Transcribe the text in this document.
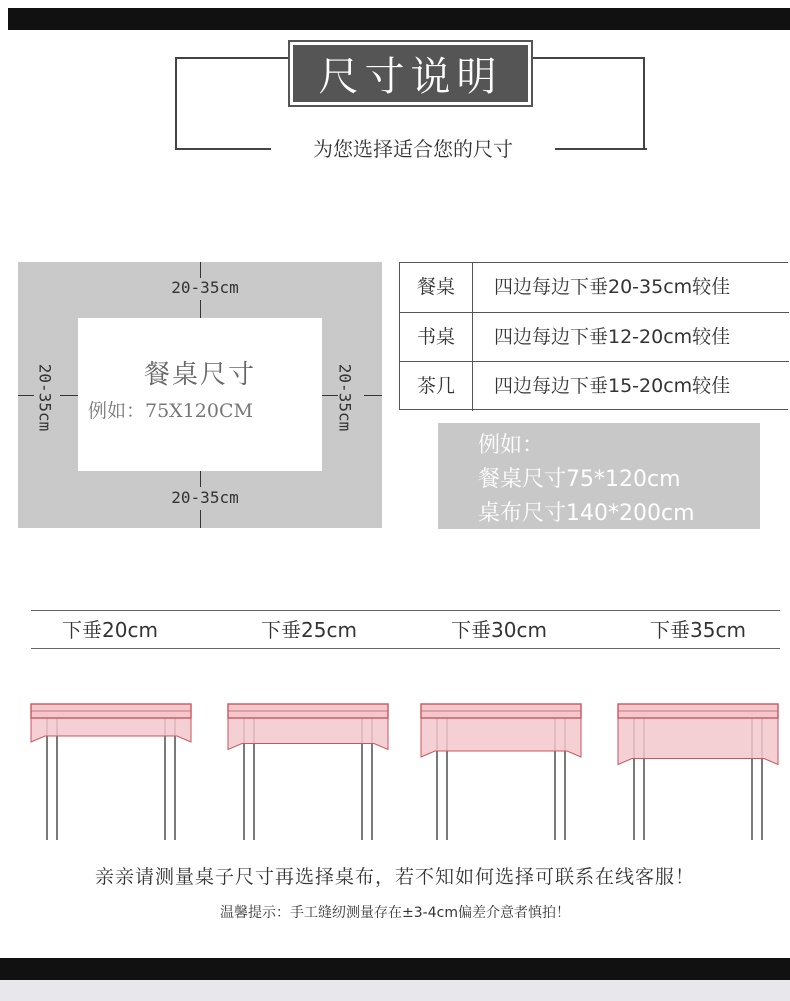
尺寸说明
为您选择适合您的尺寸
餐桌尺寸
例如：75X120CM
20-35cm
20-35cm
20-35cm	20-35cm
餐桌	四边每边下垂20-35cm较佳
书桌	四边每边下垂12-20cm较佳
茶几	四边每边下垂15-20cm较佳
例如：
餐桌尺寸75*120cm
桌布尺寸140*200cm
下垂20cm	下垂25cm	下垂30cm	下垂35cm
亲亲请测量桌子尺寸再选择桌布，若不知如何选择可联系在线客服！
温馨提示：手工缝纫测量存在±3-4cm偏差介意者慎拍！
